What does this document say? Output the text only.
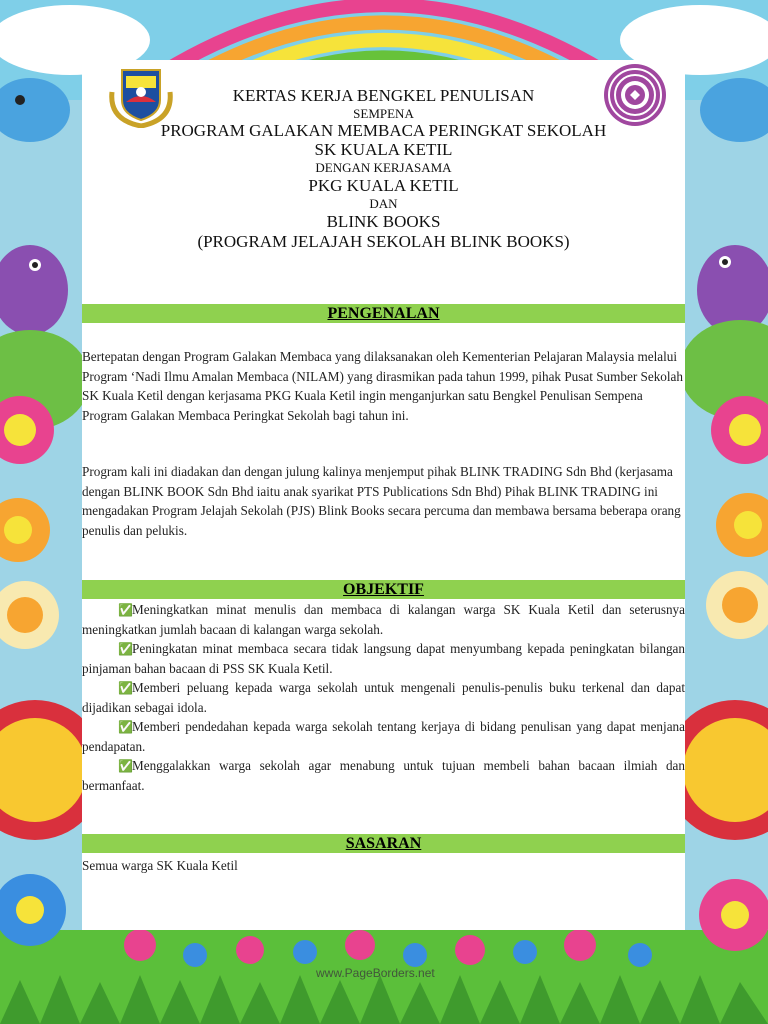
KERTAS KERJA BENGKEL PENULISAN
SEMPENA
PROGRAM GALAKAN MEMBACA PERINGKAT SEKOLAH
SK KUALA KETIL
DENGAN KERJASAMA
PKG KUALA KETIL
DAN
BLINK BOOKS
(PROGRAM JELAJAH SEKOLAH BLINK BOOKS)
PENGENALAN
Bertepatan dengan Program Galakan Membaca yang dilaksanakan oleh Kementerian Pelajaran Malaysia melalui Program ‘Nadi Ilmu Amalan Membaca (NILAM) yang dirasmikan pada tahun 1999, pihak Pusat Sumber Sekolah SK Kuala Ketil dengan kerjasama PKG Kuala Ketil ingin menganjurkan satu Bengkel Penulisan Sempena Program Galakan Membaca Peringkat Sekolah bagi tahun ini.
Program kali ini diadakan dan dengan julung kalinya menjemput pihak BLINK TRADING Sdn Bhd (kerjasama dengan BLINK BOOK Sdn Bhd iaitu anak syarikat PTS Publications Sdn Bhd) Pihak BLINK TRADING ini mengadakan Program Jelajah Sekolah (PJS) Blink Books secara percuma dan membawa bersama beberapa orang penulis dan pelukis.
OBJEKTIF
✅Meningkatkan minat menulis dan membaca di kalangan warga SK Kuala Ketil dan seterusnya meningkatkan jumlah bacaan di kalangan warga sekolah.
✅Peningkatan minat membaca secara tidak langsung dapat menyumbang kepada peningkatan bilangan pinjaman bahan bacaan di PSS SK Kuala Ketil.
✅Memberi peluang kepada warga sekolah untuk mengenali penulis-penulis buku terkenal dan dapat dijadikan sebagai idola.
✅Memberi pendedahan kepada warga sekolah tentang kerjaya di bidang penulisan yang dapat menjana pendapatan.
✅Menggalakkan warga sekolah agar menabung untuk tujuan membeli bahan bacaan ilmiah dan bermanfaat.
SASARAN
Semua warga SK Kuala Ketil
www.PageBorders.net
